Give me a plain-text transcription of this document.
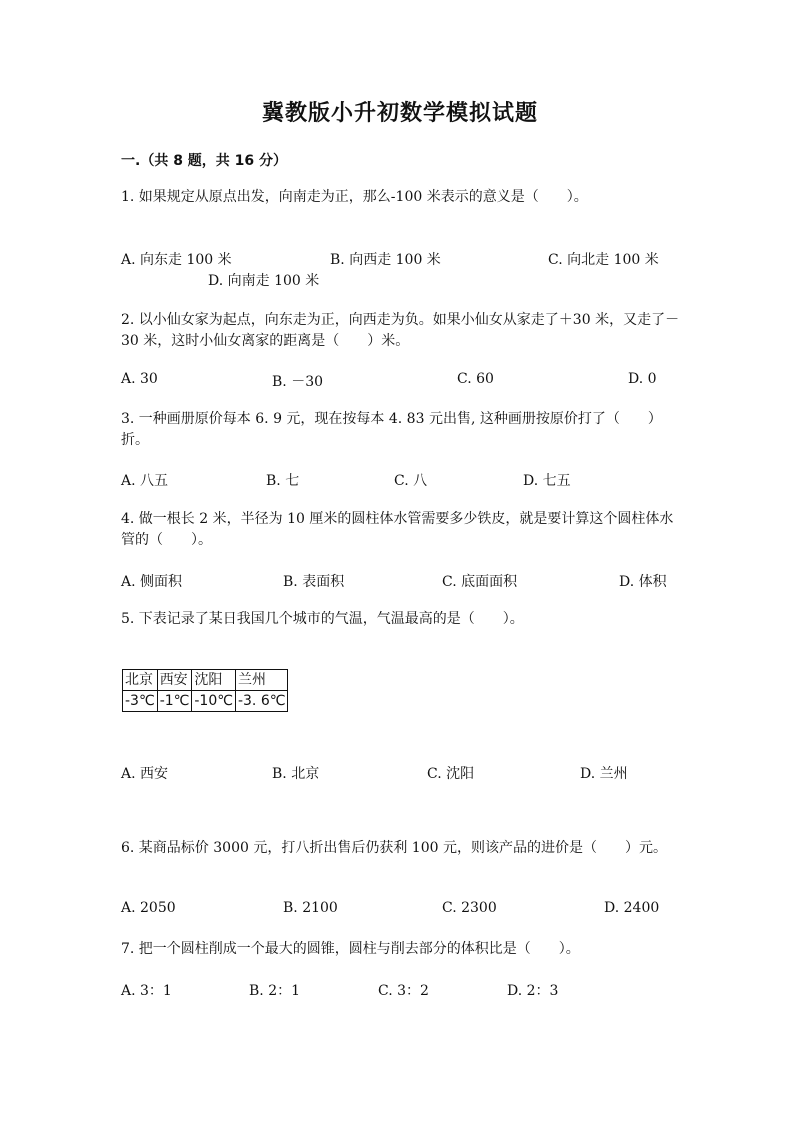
冀教版小升初数学模拟试题
一.（共 8 题，共 16 分）
1. 如果规定从原点出发，向南走为正，那么-100 米表示的意义是（　　）。
A. 向东走 100 米	B. 向西走 100 米	C. 向北走 100 米
D. 向南走 100 米
2. 以小仙女家为起点，向东走为正，向西走为负。如果小仙女从家走了＋30 米，又走了－30 米，这时小仙女离家的距离是（　　）米。
A. 30	B. －30	C. 60	D. 0
3. 一种画册原价每本 6. 9 元，现在按每本 4. 83 元出售, 这种画册按原价打了（　　）折。
A. 八五	B. 七	C. 八	D. 七五
4. 做一根长 2 米，半径为 10 厘米的圆柱体水管需要多少铁皮，就是要计算这个圆柱体水管的（　　）。
A. 侧面积	B. 表面积	C. 底面面积	D. 体积
5. 下表记录了某日我国几个城市的气温，气温最高的是（　　）。
北京	西安	沈阳	兰州
-3℃	-1℃	-10℃	-3. 6℃
A. 西安	B. 北京	C. 沈阳	D. 兰州
6. 某商品标价 3000 元，打八折出售后仍获利 100 元，则该产品的进价是（　　）元。
A. 2050	B. 2100	C. 2300	D. 2400
7. 把一个圆柱削成一个最大的圆锥，圆柱与削去部分的体积比是（　　）。
A. 3：1	B. 2：1	C. 3：2	D. 2：3
